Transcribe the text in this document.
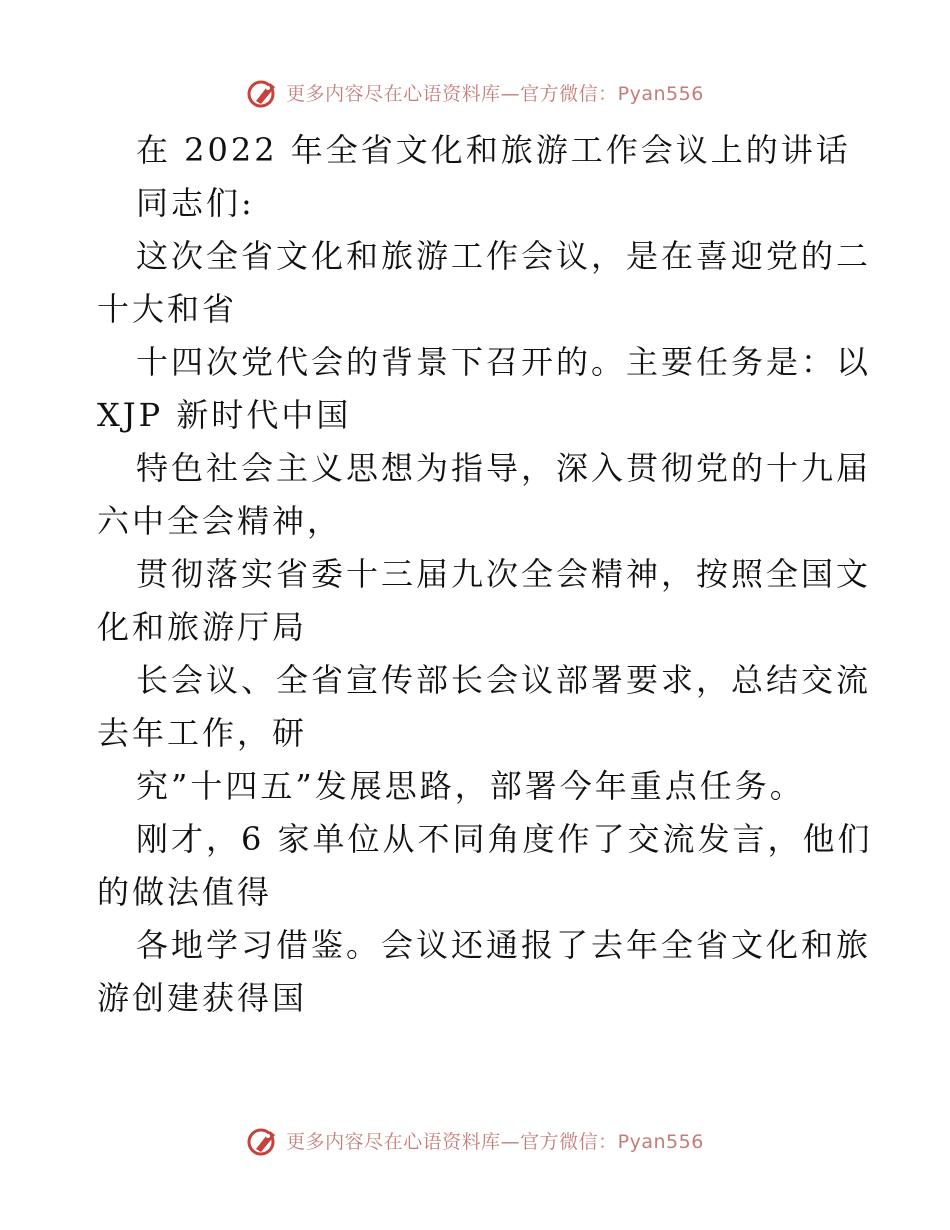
更多内容尽在心语资料库—官方微信：Pyan556
在 2022 年全省文化和旅游工作会议上的讲话
同志们:
这次全省文化和旅游工作会议，是在喜迎党的二
十大和省
十四次党代会的背景下召开的。主要任务是：以
XJP 新时代中国
特色社会主义思想为指导，深入贯彻党的十九届
六中全会精神，
贯彻落实省委十三届九次全会精神，按照全国文
化和旅游厅局
长会议、全省宣传部长会议部署要求，总结交流
去年工作，研
究”十四五”发展思路，部署今年重点任务。
刚才，6 家单位从不同角度作了交流发言，他们
的做法值得
各地学习借鉴。会议还通报了去年全省文化和旅
游创建获得国
更多内容尽在心语资料库—官方微信：Pyan556
